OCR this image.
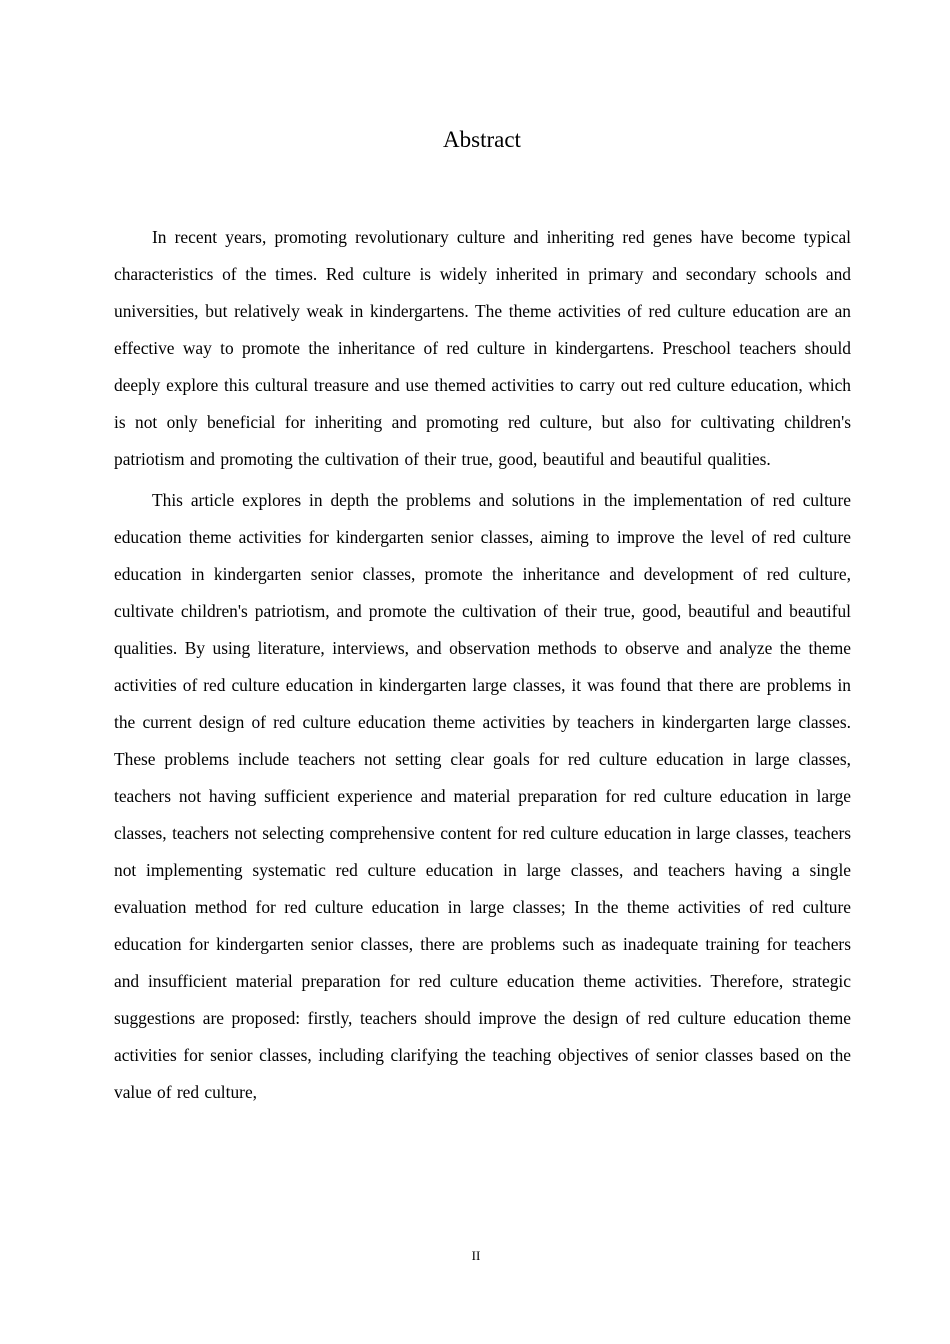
Abstract

In recent years, promoting revolutionary culture and inheriting red genes have become typical characteristics of the times. Red culture is widely inherited in primary and secondary schools and universities, but relatively weak in kindergartens. The theme activities of red culture education are an effective way to promote the inheritance of red culture in kindergartens. Preschool teachers should deeply explore this cultural treasure and use themed activities to carry out red culture education, which is not only beneficial for inheriting and promoting red culture, but also for cultivating children's patriotism and promoting the cultivation of their true, good, beautiful and beautiful qualities.

This article explores in depth the problems and solutions in the implementation of red culture education theme activities for kindergarten senior classes, aiming to improve the level of red culture education in kindergarten senior classes, promote the inheritance and development of red culture, cultivate children's patriotism, and promote the cultivation of their true, good, beautiful and beautiful qualities. By using literature, interviews, and observation methods to observe and analyze the theme activities of red culture education in kindergarten large classes, it was found that there are problems in the current design of red culture education theme activities by teachers in kindergarten large classes. These problems include teachers not setting clear goals for red culture education in large classes, teachers not having sufficient experience and material preparation for red culture education in large classes, teachers not selecting comprehensive content for red culture education in large classes, teachers not implementing systematic red culture education in large classes, and teachers having a single evaluation method for red culture education in large classes; In the theme activities of red culture education for kindergarten senior classes, there are problems such as inadequate training for teachers and insufficient material preparation for red culture education theme activities. Therefore, strategic suggestions are proposed: firstly, teachers should improve the design of red culture education theme activities for senior classes, including clarifying the teaching objectives of senior classes based on the value of red culture,

II
